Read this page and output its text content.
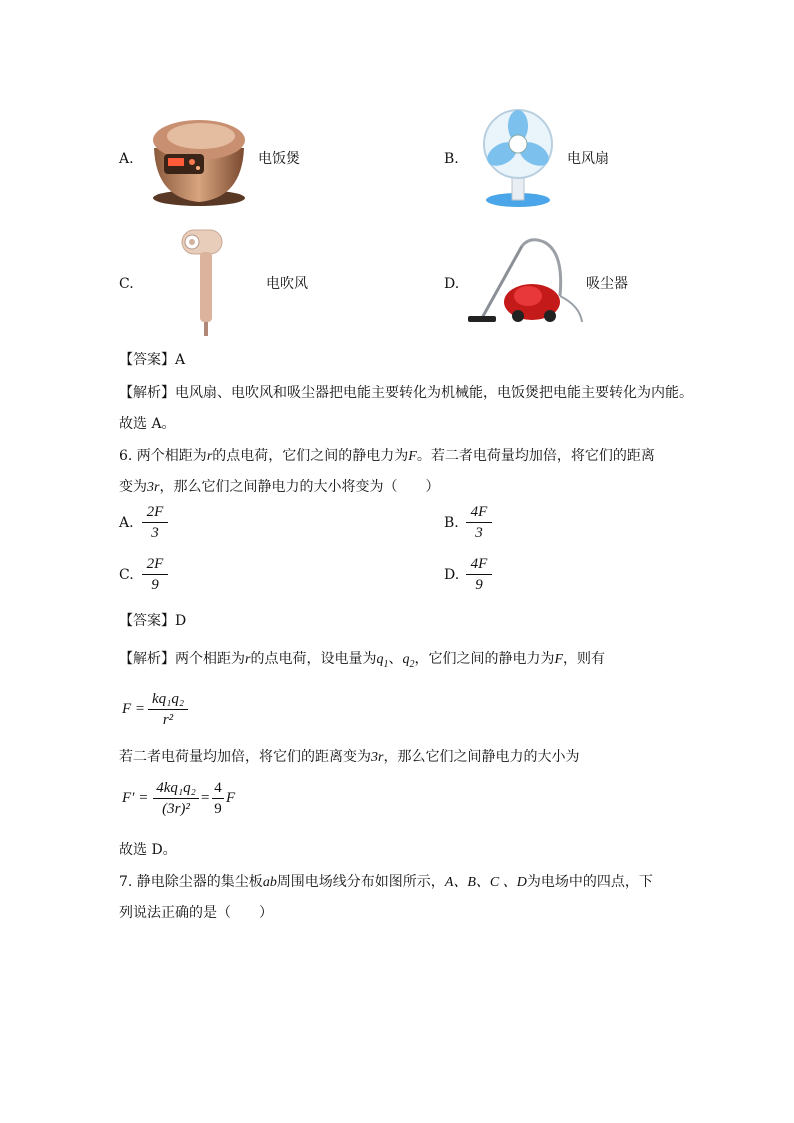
A.	电饭煲	B.	电风扇
C.	电吹风	D.	吸尘器
【答案】A
【解析】电风扇、电吹风和吸尘器把电能主要转化为机械能，电饭煲把电能主要转化为内能。
故选 A。
6. 两个相距为r的点电荷，它们之间的静电力为F。若二者电荷量均加倍，将它们的距离
变为3r，那么它们之间静电力的大小将变为（　　）
A.
2F
3
B.
4F
3
C.
2F
9
D.
4F
9
【答案】D
【解析】两个相距为r的点电荷，设电量为$q_1$、$q_2$，它们之间的静电力为F，则有
F =
kq₁q₂
r²
若二者电荷量均加倍，将它们的距离变为3r，那么它们之间静电力的大小为
F′ =
4kq₁q₂
(3r)²
=
4
9
F
故选 D。
7. 静电除尘器的集尘板ab周围电场线分布如图所示，A、B、C 、D为电场中的四点，下
列说法正确的是（　　）
